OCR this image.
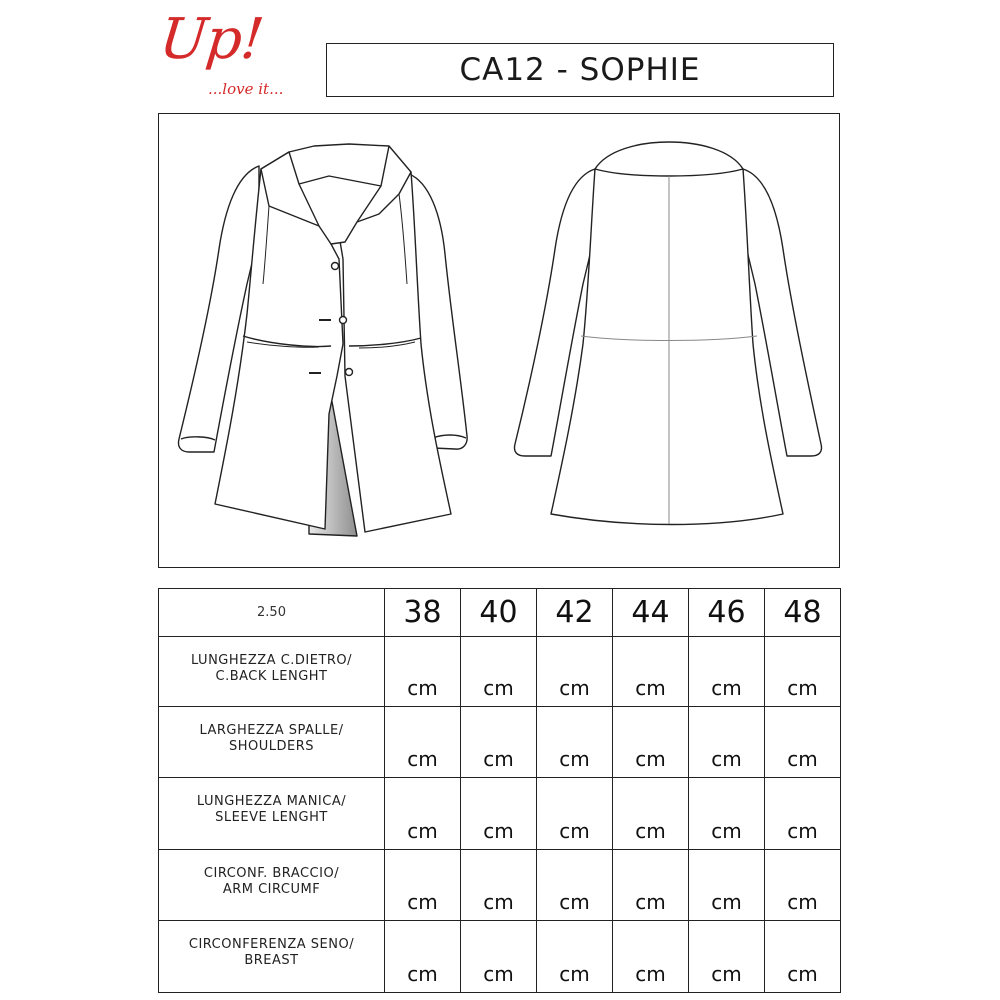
Up!
...love it...
CA12 - SOPHIE
2.50	38	40	42	44	46	48

LUNGHEZZA C.DIETRO/
C.BACK LENGHT	cm	cm	cm	cm	cm	cm

LARGHEZZA SPALLE/
SHOULDERS	cm	cm	cm	cm	cm	cm

LUNGHEZZA MANICA/
SLEEVE LENGHT	cm	cm	cm	cm	cm	cm

CIRCONF. BRACCIO/
ARM CIRCUMF	cm	cm	cm	cm	cm	cm

CIRCONFERENZA SENO/
BREAST	cm	cm	cm	cm	cm	cm
